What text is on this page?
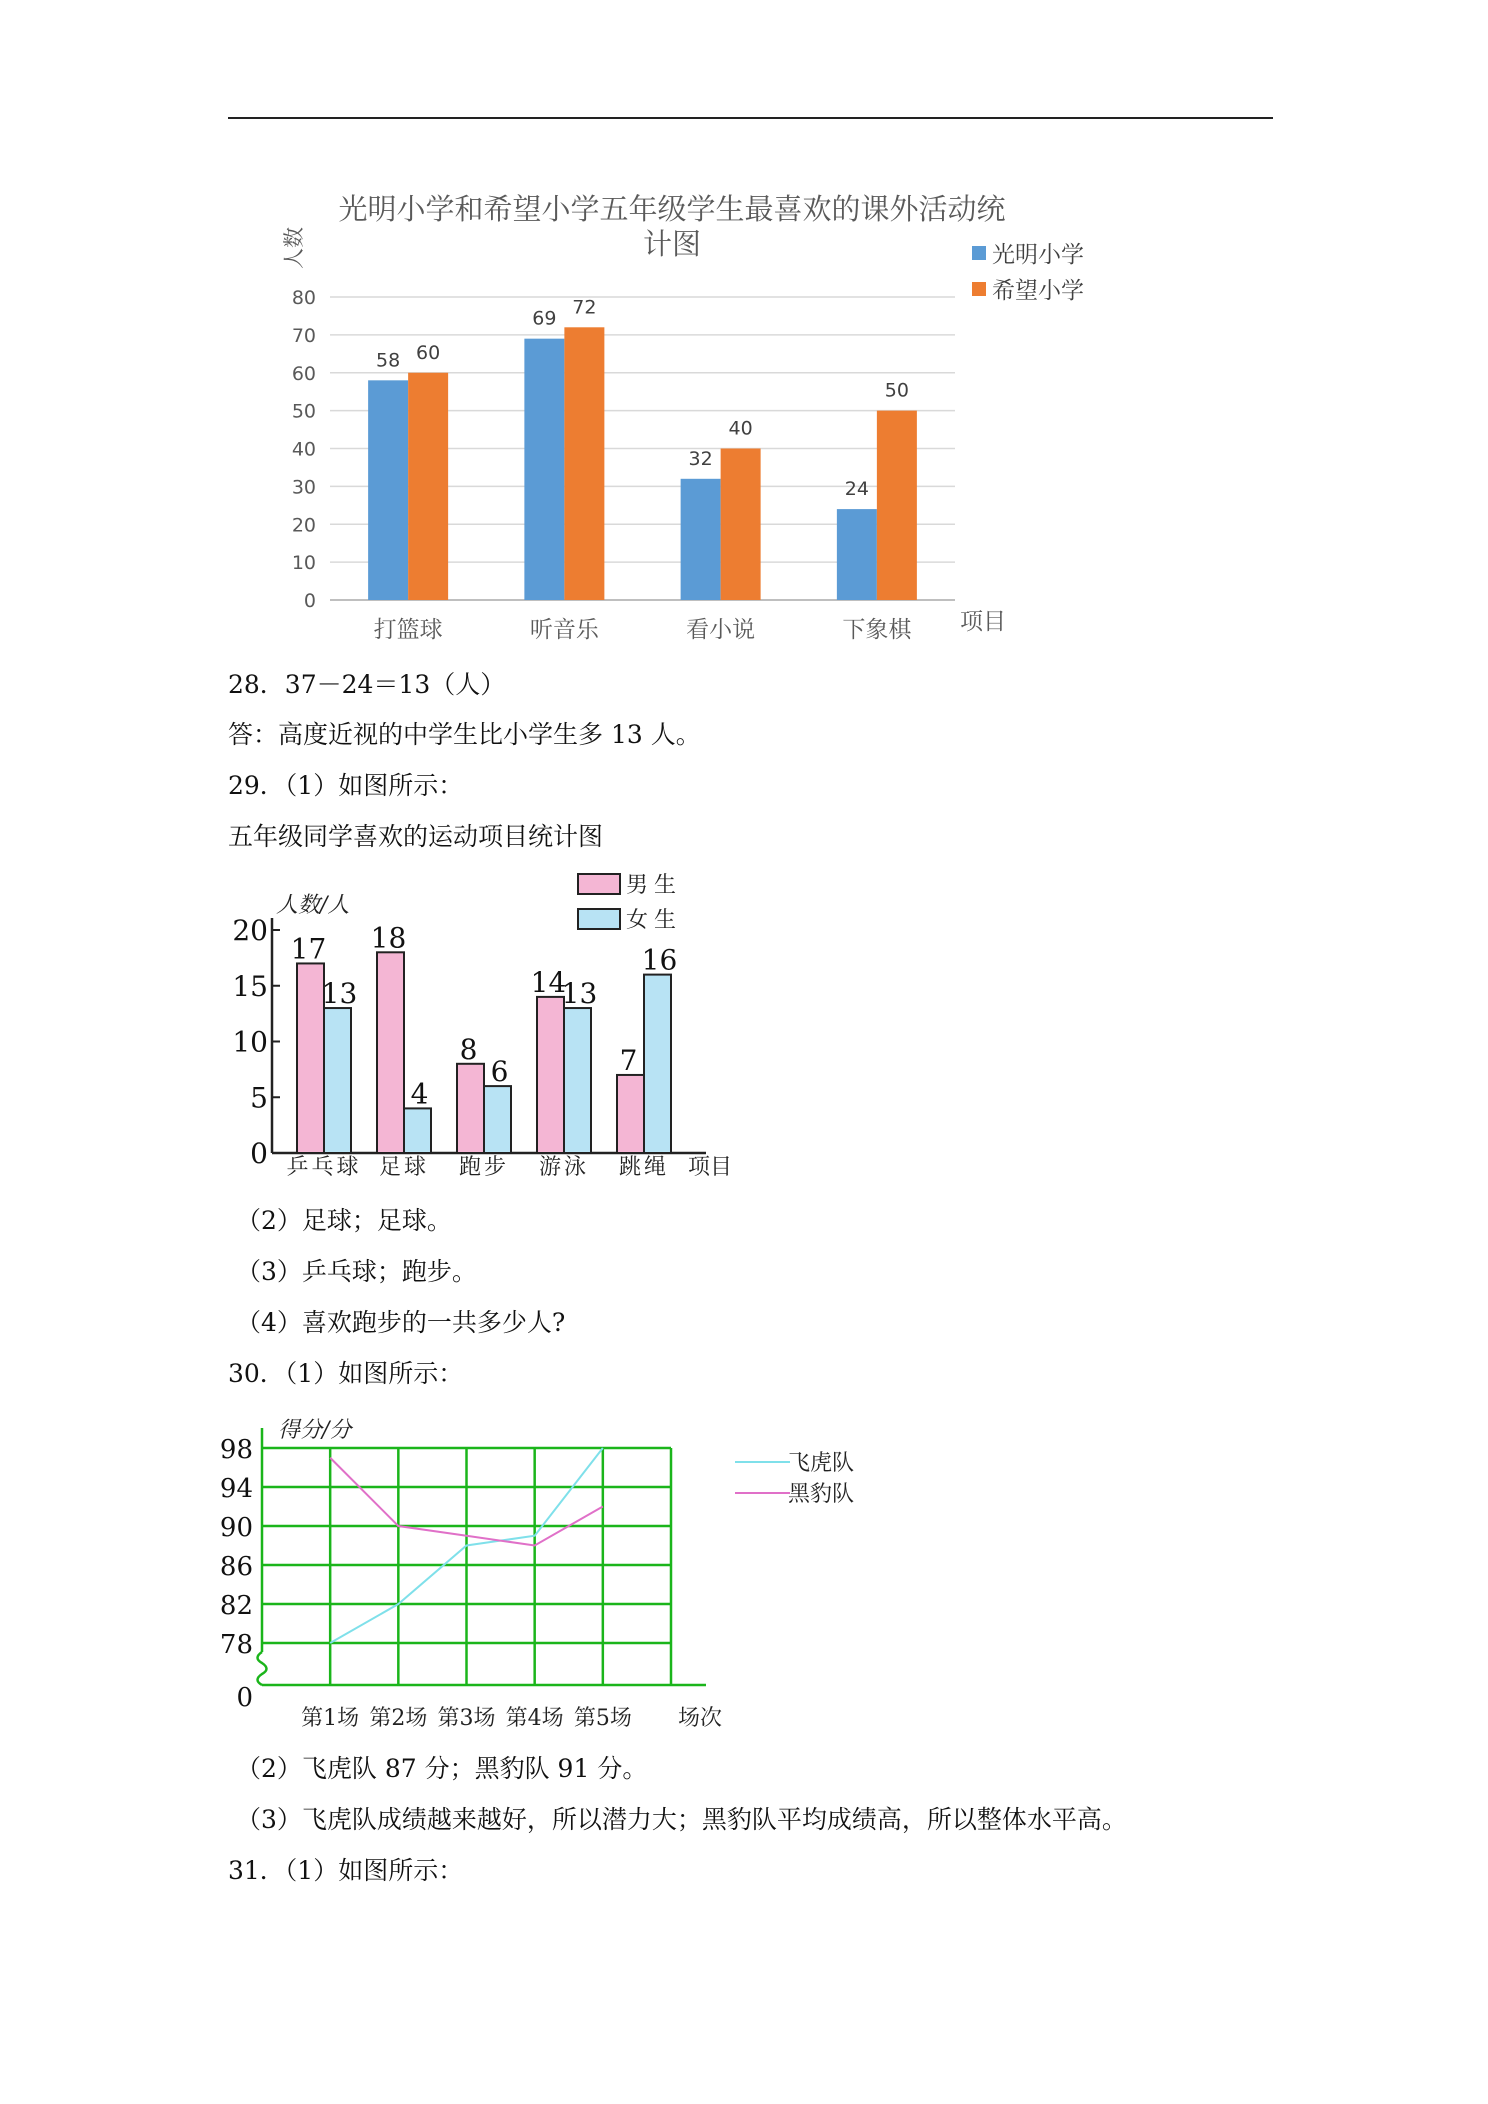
光明小学和希望小学五年级学生最喜欢的课外活动统
计图
人数
项目
0
10
20
30
40
50
60
70
80
58 60
打篮球
69
72
听音乐
32
40
看小说
24
50
下象棋
光明小学
希望小学
28．37－24＝13（人）
答：高度近视的中学生比小学生多 13 人。
29．（1）如图所示：
五年级同学喜欢的运动项目统计图
人数/人
项目
0
5
10
15
20
17
13
乒乓球
18
4
足球
8
6
跑步
14
13
游泳
7
16
跳绳
男生
女生
（2）足球；足球。
（3）乒乓球；跑步。
（4）喜欢跑步的一共多少人?
30．（1）如图所示：
得分/分
场次
0
78
82
86
90
94
98
第1场 第2场 第3场 第4场 第5场
飞虎队
黑豹队
（2）飞虎队 87 分；黑豹队 91 分。
（3）飞虎队成绩越来越好，所以潜力大；黑豹队平均成绩高，所以整体水平高。
31．（1）如图所示：
